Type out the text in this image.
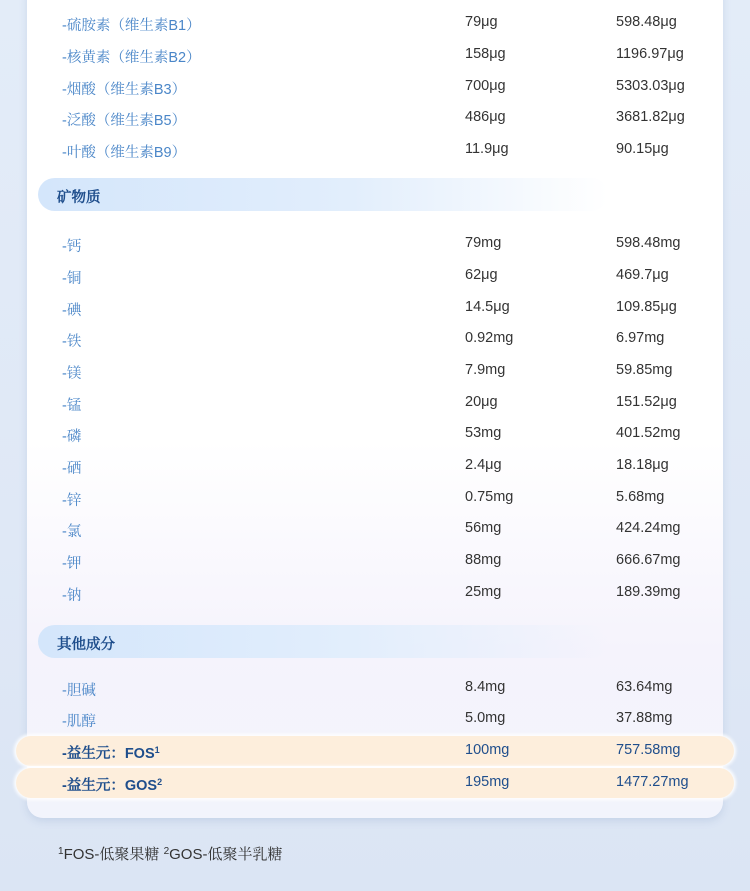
-硫胺素（维生素B1）	79μg	598.48μg
-核黄素（维生素B2）	158μg	1196.97μg
-烟酸（维生素B3）	700μg	5303.03μg
-泛酸（维生素B5）	486μg	3681.82μg
-叶酸（维生素B9）	11.9μg	90.15μg
矿物质
-钙	79mg	598.48mg
-铜	62μg	469.7μg
-碘	14.5μg	109.85μg
-铁	0.92mg	6.97mg
-镁	7.9mg	59.85mg
-锰	20μg	151.52μg
-磷	53mg	401.52mg
-硒	2.4μg	18.18μg
-锌	0.75mg	5.68mg
-氯	56mg	424.24mg
-钾	88mg	666.67mg
-钠	25mg	189.39mg
其他成分
-胆碱	8.4mg	63.64mg
-肌醇	5.0mg	37.88mg
-益生元：FOS$^1$	100mg	757.58mg
-益生元：GOS$^2$	195mg	1477.27mg
$^1$FOS-低聚果糖 $^2$GOS-低聚半乳糖
